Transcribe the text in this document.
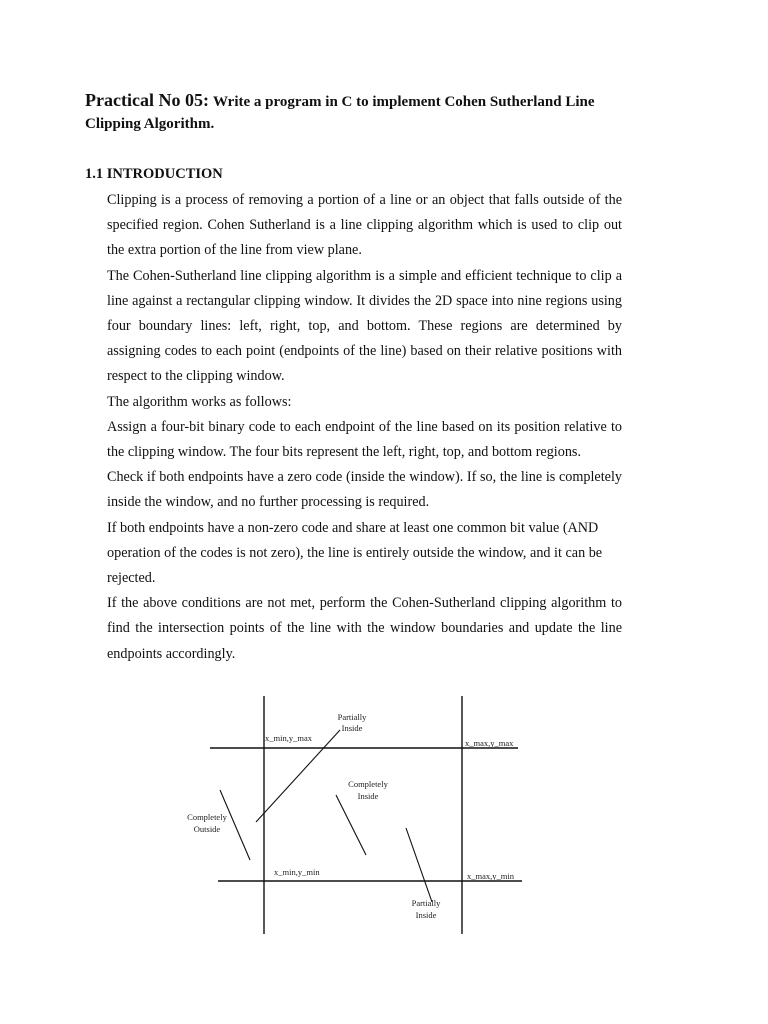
Practical No 05: Write a program in C to implement Cohen Sutherland Line
Clipping Algorithm.
1.1 INTRODUCTION

Clipping is a process of removing a portion of a line or an object that falls outside of the specified region. Cohen Sutherland is a line clipping algorithm which is used to clip out the extra portion of the line from view plane.

The Cohen-Sutherland line clipping algorithm is a simple and efficient technique to clip a line against a rectangular clipping window. It divides the 2D space into nine regions using four boundary lines: left, right, top, and bottom. These regions are determined by assigning codes to each point (endpoints of the line) based on their relative positions with respect to the clipping window.

The algorithm works as follows:

Assign a four-bit binary code to each endpoint of the line based on its position relative to the clipping window. The four bits represent the left, right, top, and bottom regions.

Check if both endpoints have a zero code (inside the window). If so, the line is completely inside the window, and no further processing is required.

If both endpoints have a non-zero code and share at least one common bit value (AND operation of the codes is not zero), the line is entirely outside the window, and it can be rejected.

If the above conditions are not met, perform the Cohen-Sutherland clipping algorithm to find the intersection points of the line with the window boundaries and update the line endpoints accordingly.

x_min,y_max	x_max,y_max
x_min,y_min	x_max,y_min
Partially
Inside
Completely
Inside
Completely
Outside
Partially
Inside
